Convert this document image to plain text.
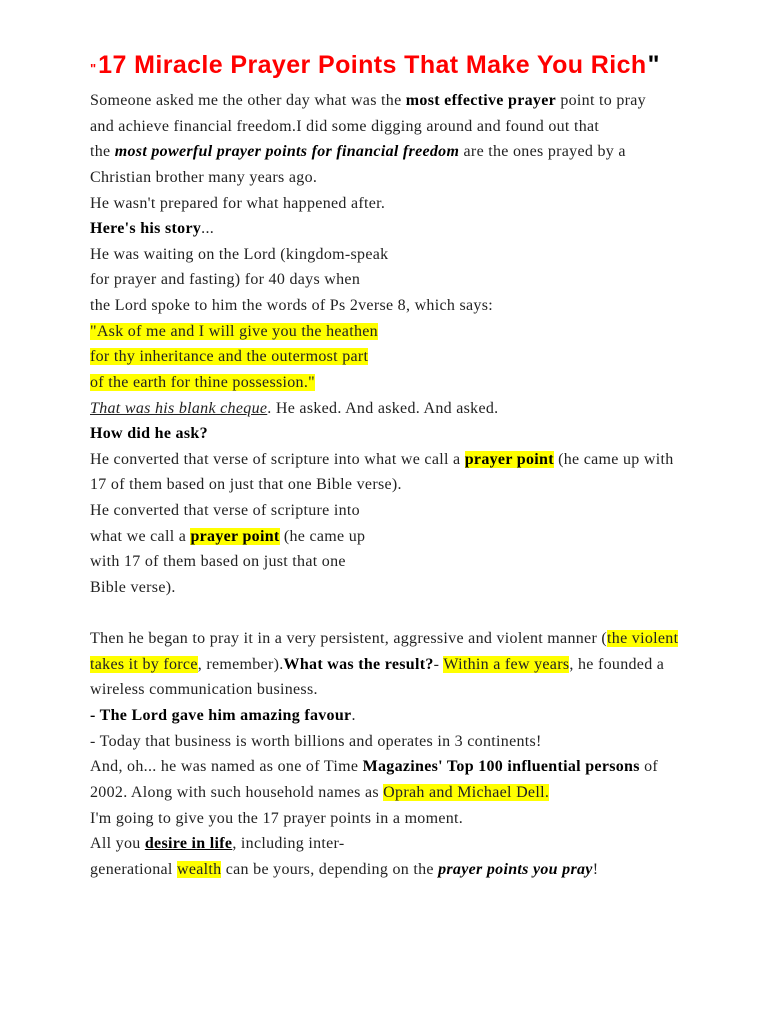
"17 Miracle Prayer Points That Make You Rich"
Someone asked me the other day what was the most effective prayer point to pray
and achieve financial freedom.I did some digging around and found out that
the most powerful prayer points for financial freedom are the ones prayed by a
Christian brother many years ago.
He wasn't prepared for what happened after.
Here's his story...
He was waiting on the Lord (kingdom-speak
for prayer and fasting) for 40 days when
the Lord spoke to him the words of Ps 2verse 8, which says:
"Ask of me and I will give you the heathen
for thy inheritance and the outermost part
of the earth for thine possession."
That was his blank cheque. He asked. And asked. And asked.
How did he ask?
He converted that verse of scripture into what we call a prayer point (he came up with
17 of them based on just that one Bible verse).
He converted that verse of scripture into
what we call a prayer point (he came up
with 17 of them based on just that one
Bible verse).
Then he began to pray it in a very persistent, aggressive and violent manner (the violent
takes it by force, remember).What was the result?- Within a few years, he founded a
wireless communication business.
- The Lord gave him amazing favour.
- Today that business is worth billions and operates in 3 continents!
And, oh... he was named as one of Time Magazines' Top 100 influential persons of
2002. Along with such household names as Oprah and Michael Dell.
I'm going to give you the 17 prayer points in a moment.
All you desire in life, including inter-
generational wealth can be yours, depending on the prayer points you pray!
